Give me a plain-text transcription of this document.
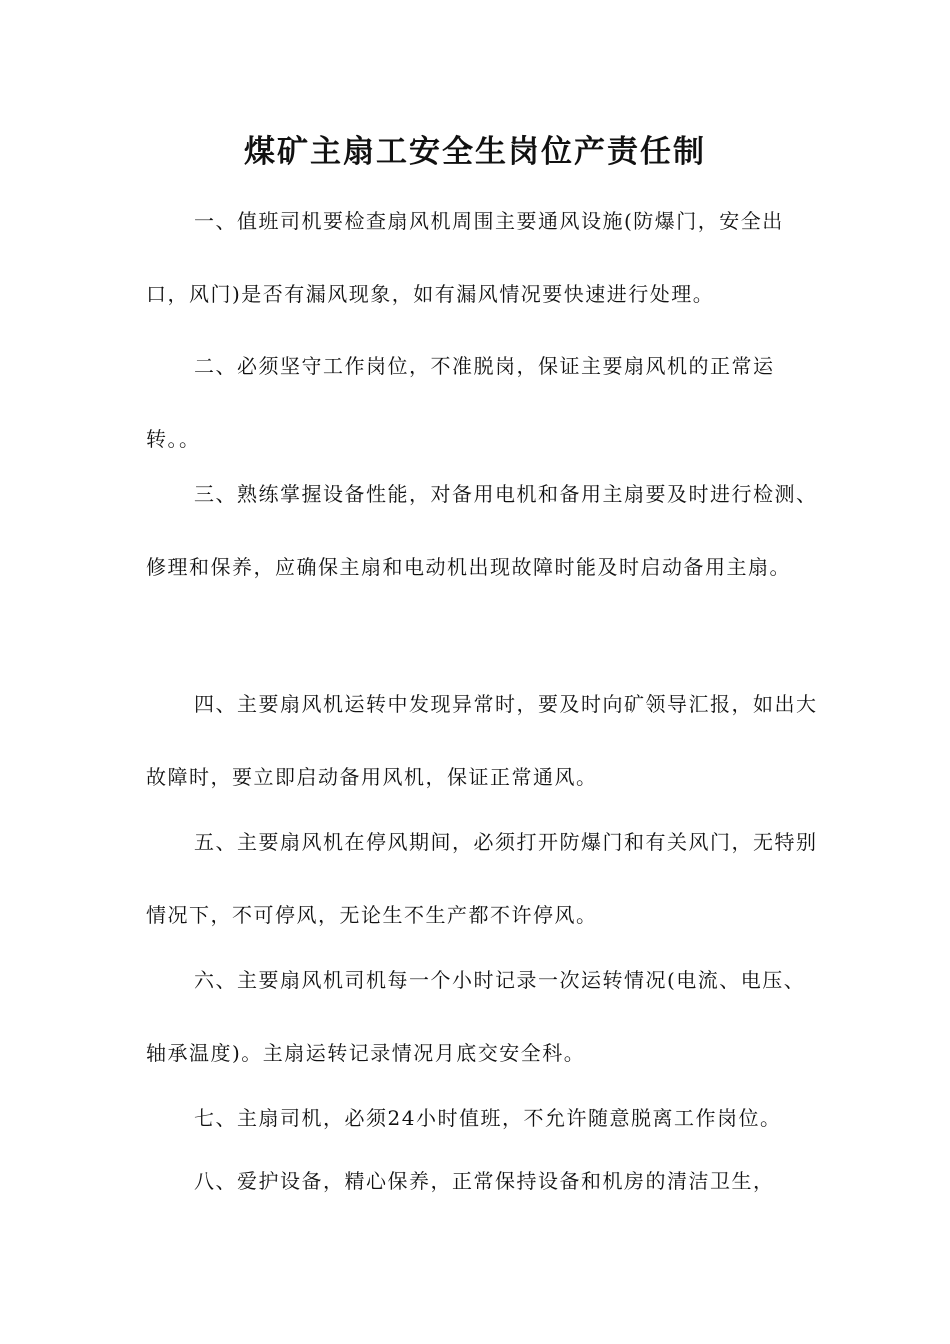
煤矿主扇工安全生岗位产责任制
一、值班司机要检查扇风机周围主要通风设施(防爆门，安全出口，风门)是否有漏风现象，如有漏风情况要快速进行处理。
二、必须坚守工作岗位，不准脱岗，保证主要扇风机的正常运转。。
三、熟练掌握设备性能，对备用电机和备用主扇要及时进行检测、修理和保养，应确保主扇和电动机出现故障时能及时启动备用主扇。
四、主要扇风机运转中发现异常时，要及时向矿领导汇报，如出大故障时，要立即启动备用风机，保证正常通风。
五、主要扇风机在停风期间，必须打开防爆门和有关风门，无特别情况下，不可停风，无论生不生产都不许停风。
六、主要扇风机司机每一个小时记录一次运转情况(电流、电压、轴承温度)。主扇运转记录情况月底交安全科。
七、主扇司机，必须24小时值班，不允许随意脱离工作岗位。
八、爱护设备，精心保养，正常保持设备和机房的清洁卫生，
